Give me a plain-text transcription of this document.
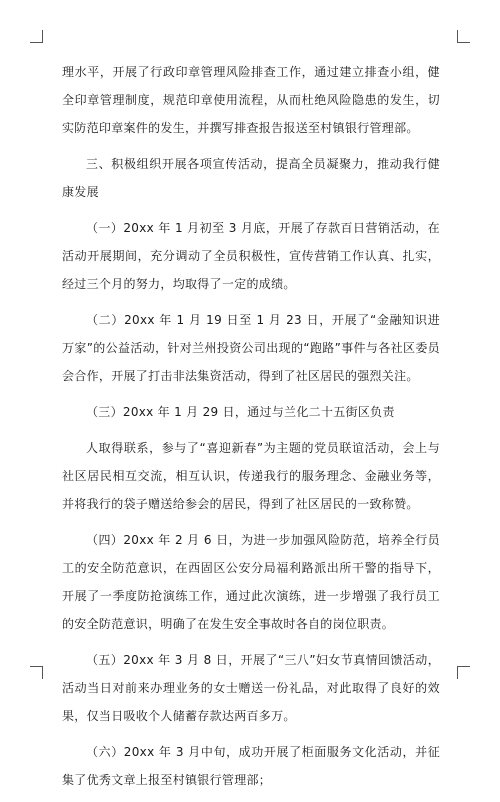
理水平，开展了行政印章管理风险排查工作，通过建立排查小组，健全印章管理制度，规范印章使用流程，从而杜绝风险隐患的发生，切实防范印章案件的发生，并撰写排查报告报送至村镇银行管理部。

三、积极组织开展各项宣传活动，提高全员凝聚力，推动我行健康发展

（一）20xx 年 1 月初至 3 月底，开展了存款百日营销活动，在活动开展期间，充分调动了全员积极性，宣传营销工作认真、扎实，经过三个月的努力，均取得了一定的成绩。

（二）20xx 年 1 月 19 日至 1 月 23 日，开展了“金融知识进万家”的公益活动，针对兰州投资公司出现的“跑路”事件与各社区委员会合作，开展了打击非法集资活动，得到了社区居民的强烈关注。

（三）20xx 年 1 月 29 日，通过与兰化二十五街区负责

人取得联系，参与了“喜迎新春”为主题的党员联谊活动，会上与社区居民相互交流，相互认识，传递我行的服务理念、金融业务等，并将我行的袋子赠送给参会的居民，得到了社区居民的一致称赞。

（四）20xx 年 2 月 6 日，为进一步加强风险防范，培养全行员工的安全防范意识，在西固区公安分局福利路派出所干警的指导下，开展了一季度防抢演练工作，通过此次演练，进一步增强了我行员工的安全防范意识，明确了在发生安全事故时各自的岗位职责。

（五）20xx 年 3 月 8 日，开展了“三八”妇女节真情回馈活动，活动当日对前来办理业务的女士赠送一份礼品，对此取得了良好的效果，仅当日吸收个人储蓄存款达两百多万。

（六）20xx 年 3 月中旬，成功开展了柜面服务文化活动，并征集了优秀文章上报至村镇银行管理部；
